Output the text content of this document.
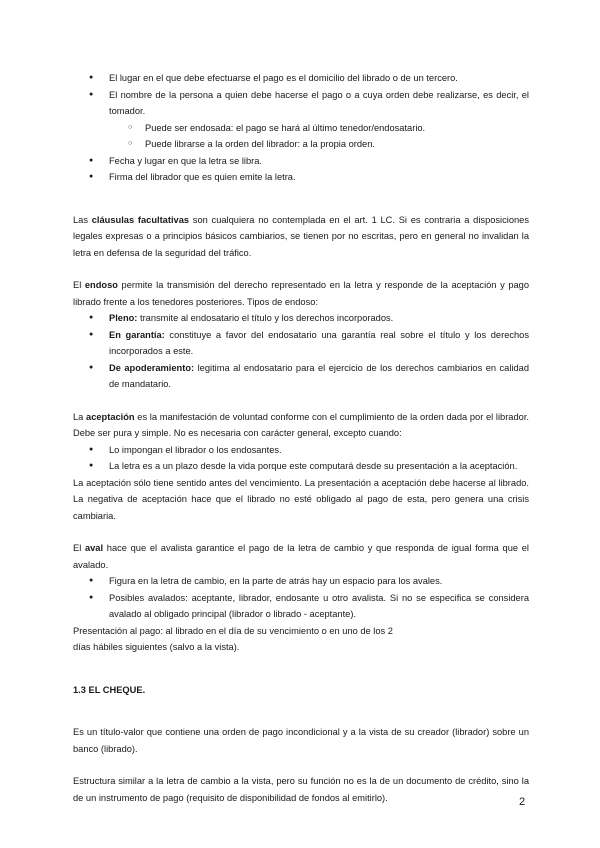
● El lugar en el que debe efectuarse el pago es el domicilio del librado o de un tercero.
● El nombre de la persona a quien debe hacerse el pago o a cuya orden debe realizarse, es decir, el tomador.
○ Puede ser endosada: el pago se hará al último tenedor/endosatario.
○ Puede librarse a la orden del librador: a la propia orden.
● Fecha y lugar en que la letra se libra.
● Firma del librador que es quien emite la letra.

Las cláusulas facultativas son cualquiera no contemplada en el art. 1 LC. Si es contraria a disposiciones legales expresas o a principios básicos cambiarios, se tienen por no escritas, pero en general no invalidan la letra en defensa de la seguridad del tráfico.

El endoso permite la transmisión del derecho representado en la letra y responde de la aceptación y pago librado frente a los tenedores posteriores. Tipos de endoso:

● Pleno: transmite al endosatario el título y los derechos incorporados.
● En garantía: constituye a favor del endosatario una garantía real sobre el título y los derechos incorporados a este.
● De apoderamiento: legitima al endosatario para el ejercicio de los derechos cambiarios en calidad de mandatario.

La aceptación es la manifestación de voluntad conforme con el cumplimiento de la orden dada por el librador. Debe ser pura y simple. No es necesaria con carácter general, excepto cuando:

● Lo impongan el librador o los endosantes.
● La letra es a un plazo desde la vida porque este computará desde su presentación a la aceptación.

La aceptación sólo tiene sentido antes del vencimiento. La presentación a aceptación debe hacerse al librado. La negativa de aceptación hace que el librado no esté obligado al pago de esta, pero genera una crisis cambiaria.

El aval hace que el avalista garantice el pago de la letra de cambio y que responda de igual forma que el avalado.

● Figura en la letra de cambio, en la parte de atrás hay un espacio para los avales.
● Posibles avalados: aceptante, librador, endosante u otro avalista. Si no se especifica se considera avalado al obligado principal (librador o librado - aceptante).

Presentación al pago: al librado en el día de su vencimiento o en uno de los 2 días hábiles siguientes (salvo a la vista).

1.3 EL CHEQUE.

Es un título-valor que contiene una orden de pago incondicional y a la vista de su creador (librador) sobre un banco (librado).

Estructura similar a la letra de cambio a la vista, pero su función no es la de un documento de crédito, sino la de un instrumento de pago (requisito de disponibilidad de fondos al emitirlo).	2
